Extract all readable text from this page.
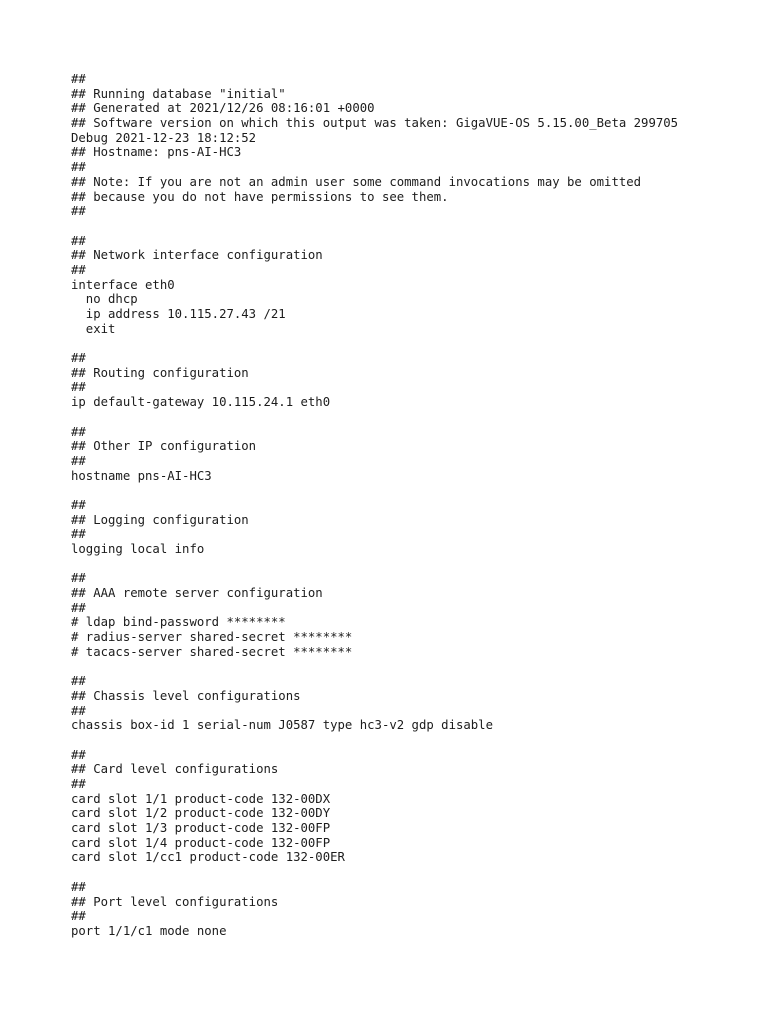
##
## Running database "initial"
## Generated at 2021/12/26 08:16:01 +0000
## Software version on which this output was taken: GigaVUE-OS 5.15.00_Beta 299705
Debug 2021-12-23 18:12:52
## Hostname: pns-AI-HC3
##
## Note: If you are not an admin user some command invocations may be omitted
## because you do not have permissions to see them.
##
##
## Network interface configuration
##
interface eth0
no dhcp
ip address 10.115.27.43 /21
exit
##
## Routing configuration
##
ip default-gateway 10.115.24.1 eth0
##
## Other IP configuration
##
hostname pns-AI-HC3
##
## Logging configuration
##
logging local info
##
## AAA remote server configuration
##
# ldap bind-password ********
# radius-server shared-secret ********
# tacacs-server shared-secret ********
##
## Chassis level configurations
##
chassis box-id 1 serial-num J0587 type hc3-v2 gdp disable
##
## Card level configurations
##
card slot 1/1 product-code 132-00DX
card slot 1/2 product-code 132-00DY
card slot 1/3 product-code 132-00FP
card slot 1/4 product-code 132-00FP
card slot 1/cc1 product-code 132-00ER
##
## Port level configurations
##
port 1/1/c1 mode none
